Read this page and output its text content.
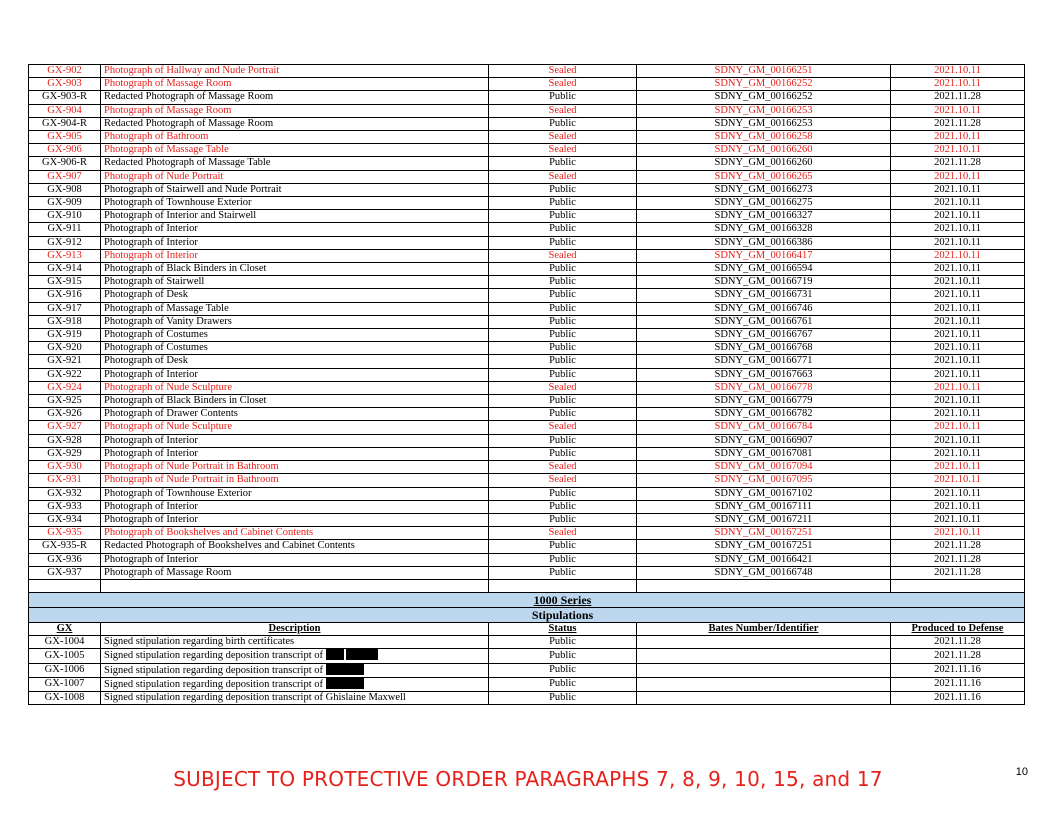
GX-902	Photograph of Hallway and Nude Portrait	Sealed	SDNY_GM_00166251	2021.10.11
GX-903	Photograph of Massage Room	Sealed	SDNY_GM_00166252	2021.10.11
GX-903-R	Redacted Photograph of Massage Room	Public	SDNY_GM_00166252	2021.11.28
GX-904	Photograph of Massage Room	Sealed	SDNY_GM_00166253	2021.10.11
GX-904-R	Redacted Photograph of Massage Room	Public	SDNY_GM_00166253	2021.11.28
GX-905	Photograph of Bathroom	Sealed	SDNY_GM_00166258	2021.10.11
GX-906	Photograph of Massage Table	Sealed	SDNY_GM_00166260	2021.10.11
GX-906-R	Redacted Photograph of Massage Table	Public	SDNY_GM_00166260	2021.11.28
GX-907	Photograph of Nude Portrait	Sealed	SDNY_GM_00166265	2021.10.11
GX-908	Photograph of Stairwell and Nude Portrait	Public	SDNY_GM_00166273	2021.10.11
GX-909	Photograph of Townhouse Exterior	Public	SDNY_GM_00166275	2021.10.11
GX-910	Photograph of Interior and Stairwell	Public	SDNY_GM_00166327	2021.10.11
GX-911	Photograph of Interior	Public	SDNY_GM_00166328	2021.10.11
GX-912	Photograph of Interior	Public	SDNY_GM_00166386	2021.10.11
GX-913	Photograph of Interior	Sealed	SDNY_GM_00166417	2021.10.11
GX-914	Photograph of Black Binders in Closet	Public	SDNY_GM_00166594	2021.10.11
GX-915	Photograph of Stairwell	Public	SDNY_GM_00166719	2021.10.11
GX-916	Photograph of Desk	Public	SDNY_GM_00166731	2021.10.11
GX-917	Photograph of Massage Table	Public	SDNY_GM_00166746	2021.10.11
GX-918	Photograph of Vanity Drawers	Public	SDNY_GM_00166761	2021.10.11
GX-919	Photograph of Costumes	Public	SDNY_GM_00166767	2021.10.11
GX-920	Photograph of Costumes	Public	SDNY_GM_00166768	2021.10.11
GX-921	Photograph of Desk	Public	SDNY_GM_00166771	2021.10.11
GX-922	Photograph of Interior	Public	SDNY_GM_00167663	2021.10.11
GX-924	Photograph of Nude Sculpture	Sealed	SDNY_GM_00166778	2021.10.11
GX-925	Photograph of Black Binders in Closet	Public	SDNY_GM_00166779	2021.10.11
GX-926	Photograph of Drawer Contents	Public	SDNY_GM_00166782	2021.10.11
GX-927	Photograph of Nude Sculpture	Sealed	SDNY_GM_00166784	2021.10.11
GX-928	Photograph of Interior	Public	SDNY_GM_00166907	2021.10.11
GX-929	Photograph of Interior	Public	SDNY_GM_00167081	2021.10.11
GX-930	Photograph of Nude Portrait in Bathroom	Sealed	SDNY_GM_00167094	2021.10.11
GX-931	Photograph of Nude Portrait in Bathroom	Sealed	SDNY_GM_00167095	2021.10.11
GX-932	Photograph of Townhouse Exterior	Public	SDNY_GM_00167102	2021.10.11
GX-933	Photograph of Interior	Public	SDNY_GM_00167111	2021.10.11
GX-934	Photograph of Interior	Public	SDNY_GM_00167211	2021.10.11
GX-935	Photograph of Bookshelves and Cabinet Contents	Sealed	SDNY_GM_00167251	2021.10.11
GX-935-R	Redacted Photograph of Bookshelves and Cabinet Contents	Public	SDNY_GM_00167251	2021.11.28
GX-936	Photograph of Interior	Public	SDNY_GM_00166421	2021.11.28
GX-937	Photograph of Massage Room	Public	SDNY_GM_00166748	2021.11.28

		1000 Series		
		Stipulations		
GX	Description	Status	Bates Number/Identifier	Produced to Defense
GX-1004	Signed stipulation regarding birth certificates	Public		2021.11.28
GX-1005	Signed stipulation regarding deposition transcript of	Public		2021.11.28
GX-1006	Signed stipulation regarding deposition transcript of	Public		2021.11.16
GX-1007	Signed stipulation regarding deposition transcript of	Public		2021.11.16
GX-1008	Signed stipulation regarding deposition transcript of Ghislaine Maxwell	Public		2021.11.16
SUBJECT TO PROTECTIVE ORDER PARAGRAPHS 7, 8, 9, 10, 15, and 17	10
